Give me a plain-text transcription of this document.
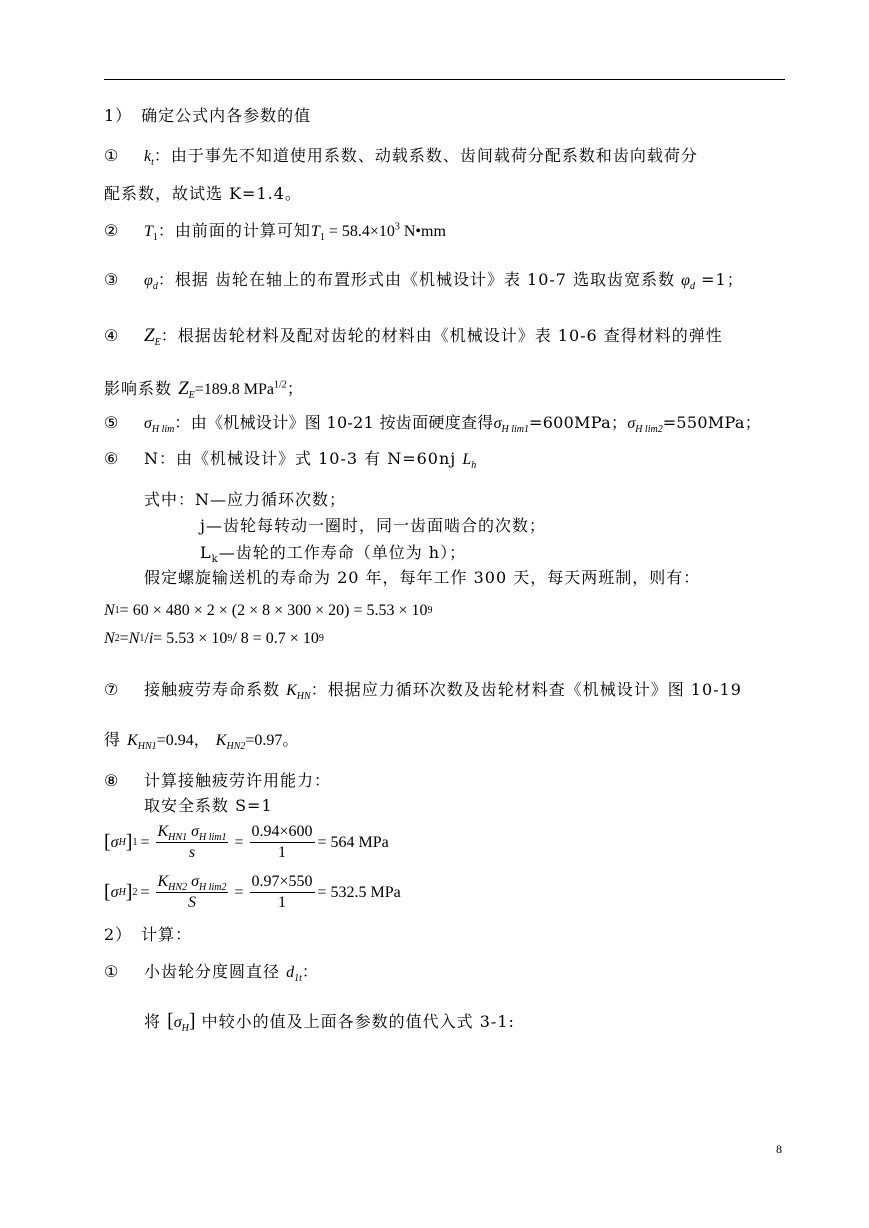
1）　确定公式内各参数的值
① $k_t$：由于事先不知道使用系数、动载系数、齿间载荷分配系数和齿向载荷分
配系数，故试选 K=1.4。
② $T_1$：由前面的计算可知$T_1 = 58.4\times 10^3$ N•mm
③ $\varphi_d$：根据 齿轮在轴上的布置形式由《机械设计》表 10-7 选取齿宽系数 $\varphi_d =1$；
④ $Z_E$：根据齿轮材料及配对齿轮的材料由《机械设计》表 10-6 查得材料的弹性
影响系数 $Z_E=189.8$ MPa$^{1/2}$；
⑤ $\sigma_{H lim}$：由《机械设计》图 10-21 按齿面硬度查得$\sigma_{H lim1}=600MPa$；$\sigma_{H lim2}=550MPa$；
⑥ N：由《机械设计》式 10-3 有 N=60nj $L_h$
式中：N—应力循环次数；
j—齿轮每转动一圈时，同一齿面啮合的次数；
$L_k—$齿轮的工作寿命（单位为 h）；
假定螺旋输送机的寿命为 20 年，每年工作 300 天，每天两班制，则有：
N 1 = 60 × 480 × 2 × (2 × 8 × 300 × 20) = 5.53 × 10 9
N 2 = N 1 / i = 5.53 × 10 9 / 8 = 0.7 × 10 9
⑦ 接触疲劳寿命系数 $K_{HN}$：根据应力循环次数及齿轮材料查《机械设计》图 10-19
得 $K_{HN1}=0.94$， $K_{HN2}=0.97$。
⑧ 计算接触疲劳许用能力：
取安全系数 S=1
[ σ H ] $1 = \frac{K_{HN1} \sigma_{H lim1}}{s} = \frac{0.94\times 600}{1} = 564$ MPa
[ σ H ] $2 = \frac{K_{HN2} \sigma_{H lim2}}{S} = \frac{0.97\times 550}{1} = 532.5$ MPa
2）　计算：
① 小齿轮分度圆直径 $d_{1t}$：
将 $[\sigma_H]$ 中较小的值及上面各参数的值代入式 3-1:
8
